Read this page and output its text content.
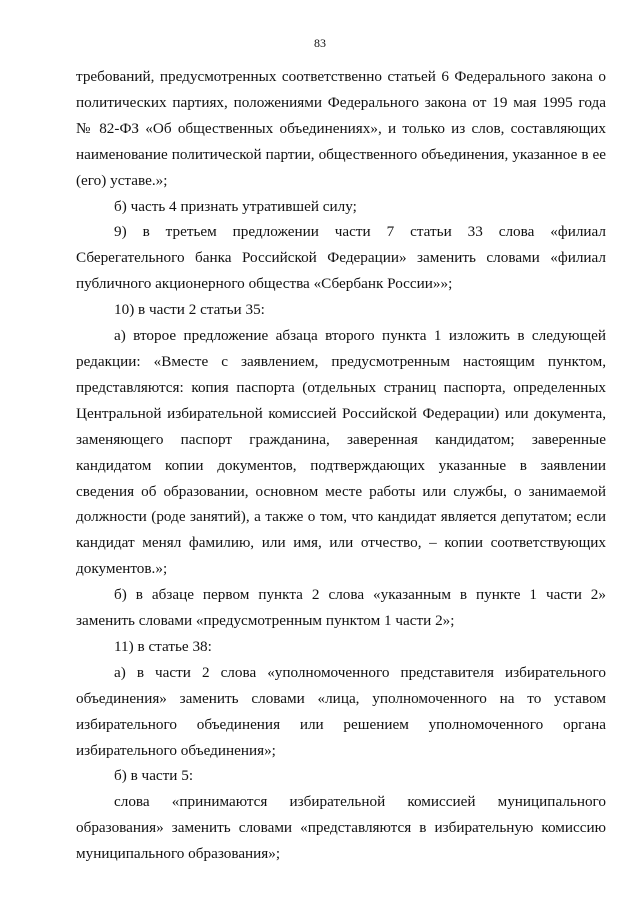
83

требований, предусмотренных соответственно статьей 6 Федерального закона о политических партиях, положениями Федерального закона от 19 мая 1995 года № 82-ФЗ «Об общественных объединениях», и только из слов, составляющих наименование политической партии, общественного объединения, указанное в ее (его) уставе.»;

б) часть 4 признать утратившей силу;

9) в третьем предложении части 7 статьи 33 слова «филиал Сберегательного банка Российской Федерации» заменить словами «филиал публичного акционерного общества «Сбербанк России»»;

10) в части 2 статьи 35:

а) второе предложение абзаца второго пункта 1 изложить в следующей редакции: «Вместе с заявлением, предусмотренным настоящим пунктом, представляются: копия паспорта (отдельных страниц паспорта, определенных Центральной избирательной комиссией Российской Федерации) или документа, заменяющего паспорт гражданина, заверенная кандидатом; заверенные кандидатом копии документов, подтверждающих указанные в заявлении сведения об образовании, основном месте работы или службы, о занимаемой должности (роде занятий), а также о том, что кандидат является депутатом; если кандидат менял фамилию, или имя, или отчество, – копии соответствующих документов.»;

б) в абзаце первом пункта 2 слова «указанным в пункте 1 части 2» заменить словами «предусмотренным пунктом 1 части 2»;

11) в статье 38:

а) в части 2 слова «уполномоченного представителя избирательного объединения» заменить словами «лица, уполномоченного на то уставом избирательного объединения или решением уполномоченного органа избирательного объединения»;

б) в части 5:

слова «принимаются избирательной комиссией муниципального образования» заменить словами «представляются в избирательную комиссию муниципального образования»;
